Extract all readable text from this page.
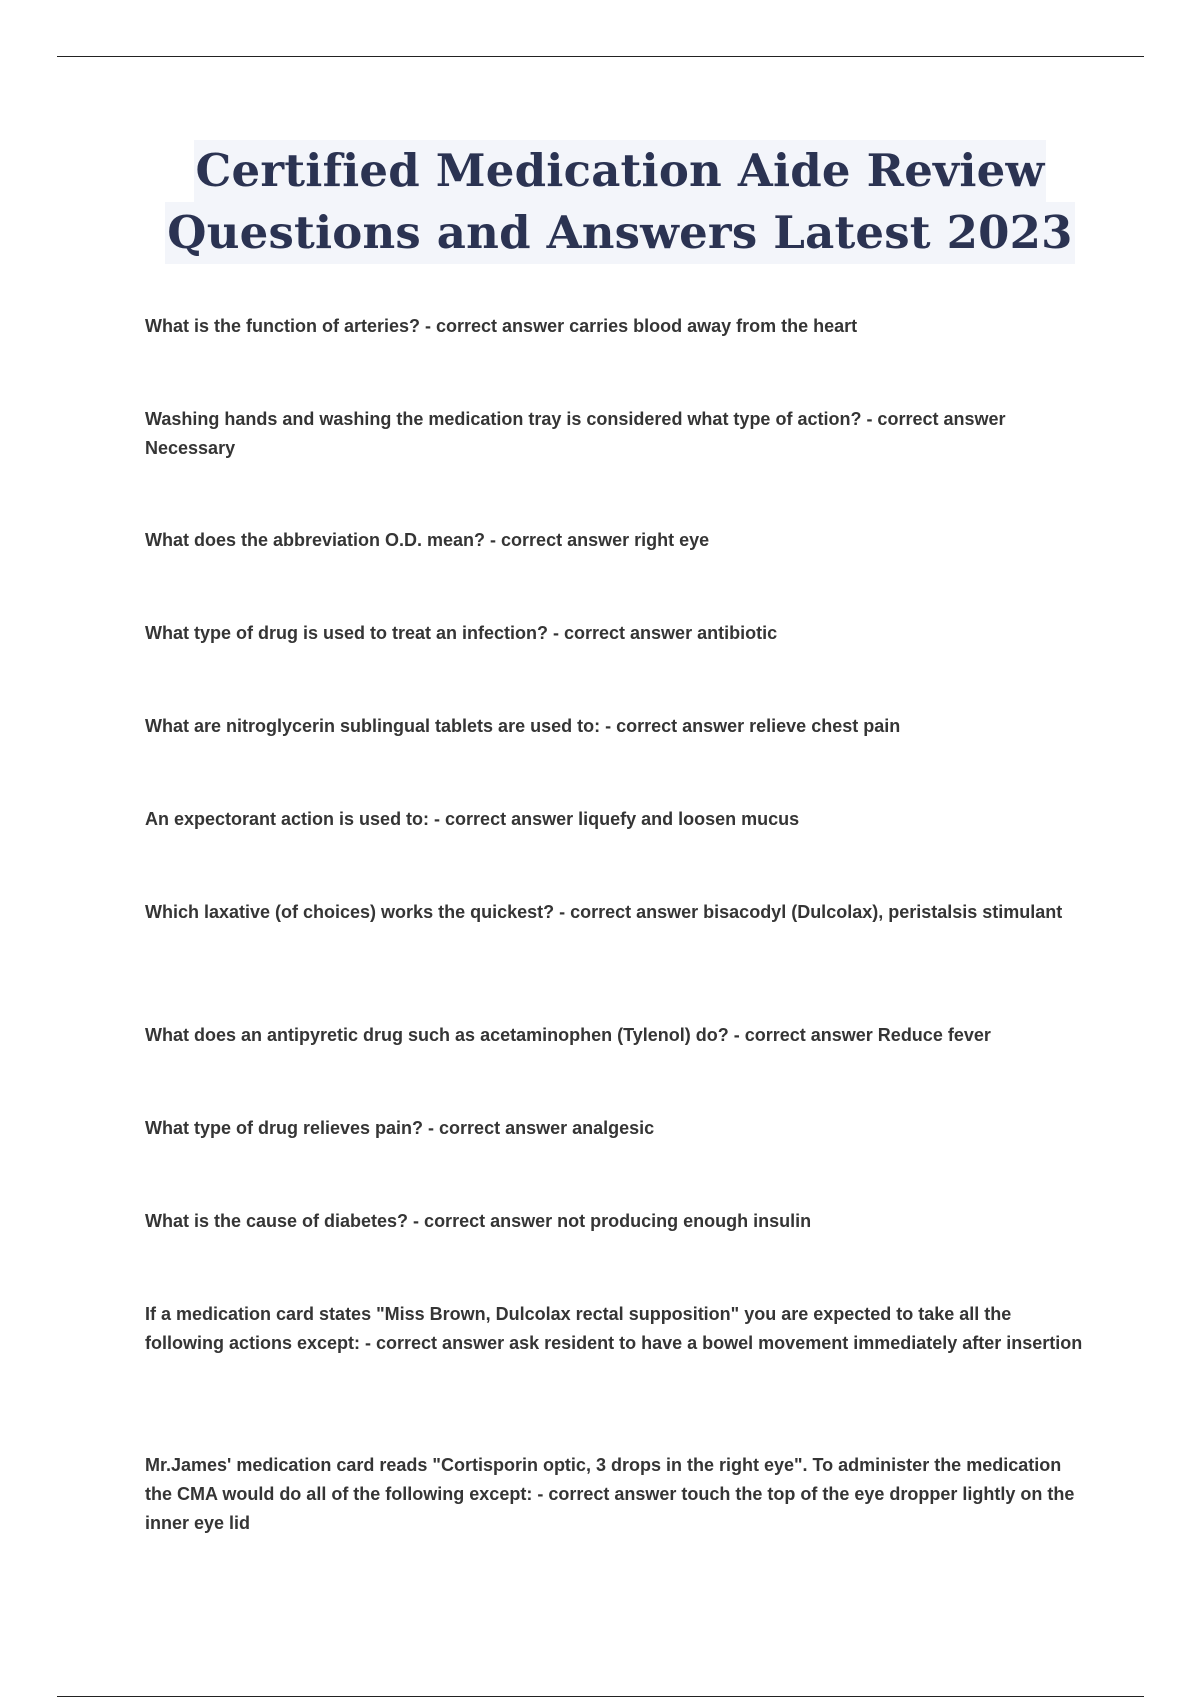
Certified Medication Aide Review
Questions and Answers Latest 2023
What is the function of arteries? - correct answer carries blood away from the heart
Washing hands and washing the medication tray is considered what type of action? - correct answer Necessary
What does the abbreviation O.D. mean? - correct answer right eye
What type of drug is used to treat an infection? - correct answer antibiotic
What are nitroglycerin sublingual tablets are used to: - correct answer relieve chest pain
An expectorant action is used to: - correct answer liquefy and loosen mucus
Which laxative (of choices) works the quickest? - correct answer bisacodyl (Dulcolax), peristalsis stimulant
What does an antipyretic drug such as acetaminophen (Tylenol) do? - correct answer Reduce fever
What type of drug relieves pain? - correct answer analgesic
What is the cause of diabetes? - correct answer not producing enough insulin
If a medication card states "Miss Brown, Dulcolax rectal supposition" you are expected to take all the following actions except: - correct answer ask resident to have a bowel movement immediately after insertion
Mr.James' medication card reads "Cortisporin optic, 3 drops in the right eye". To administer the medication the CMA would do all of the following except: - correct answer touch the top of the eye dropper lightly on the inner eye lid
